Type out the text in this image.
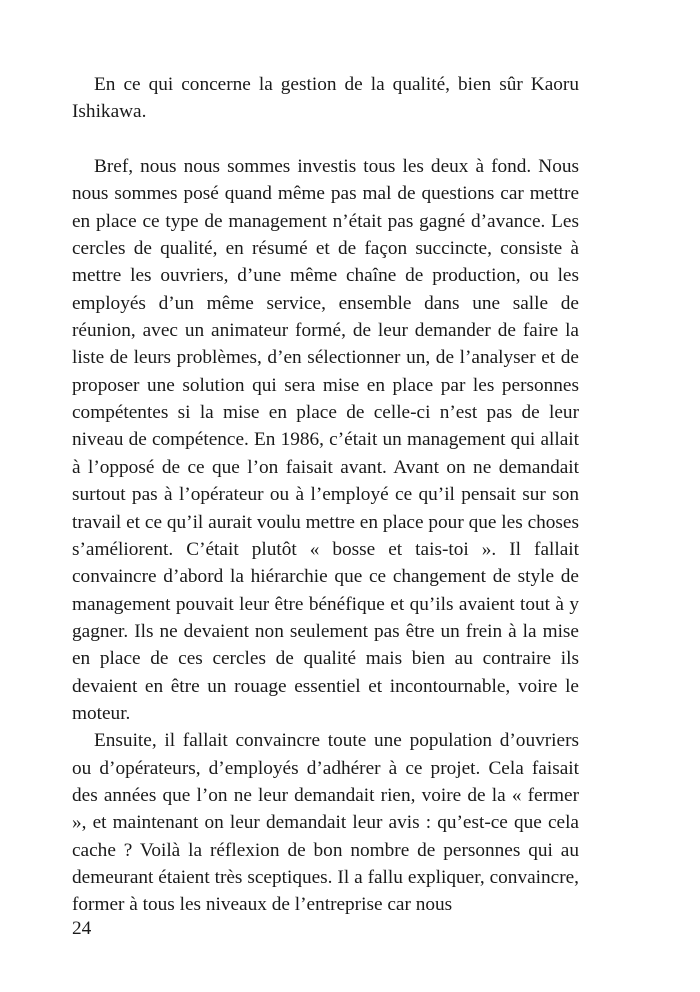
En ce qui concerne la gestion de la qualité, bien sûr Kaoru Ishikawa.

Bref, nous nous sommes investis tous les deux à fond. Nous nous sommes posé quand même pas mal de questions car mettre en place ce type de management n’était pas gagné d’avance. Les cercles de qualité, en résumé et de façon succincte, consiste à mettre les ouvriers, d’une même chaîne de production, ou les employés d’un même service, ensemble dans une salle de réunion, avec un animateur formé, de leur demander de faire la liste de leurs problèmes, d’en sélectionner un, de l’analyser et de proposer une solution qui sera mise en place par les personnes compétentes si la mise en place de celle-ci n’est pas de leur niveau de compétence. En 1986, c’était un management qui allait à l’opposé de ce que l’on faisait avant. Avant on ne demandait surtout pas à l’opérateur ou à l’employé ce qu’il pensait sur son travail et ce qu’il aurait voulu mettre en place pour que les choses s’améliorent. C’était plutôt « bosse et tais-toi ». Il fallait convaincre d’abord la hiérarchie que ce changement de style de management pouvait leur être bénéfique et qu’ils avaient tout à y gagner. Ils ne devaient non seulement pas être un frein à la mise en place de ces cercles de qualité mais bien au contraire ils devaient en être un rouage essentiel et incontournable, voire le moteur.

Ensuite, il fallait convaincre toute une population d’ouvriers ou d’opérateurs, d’employés d’adhérer à ce projet. Cela faisait des années que l’on ne leur demandait rien, voire de la « fermer », et maintenant on leur demandait leur avis : qu’est-ce que cela cache ? Voilà la réflexion de bon nombre de personnes qui au demeurant étaient très sceptiques. Il a fallu expliquer, convaincre, former à tous les niveaux de l’entreprise car nous

24
